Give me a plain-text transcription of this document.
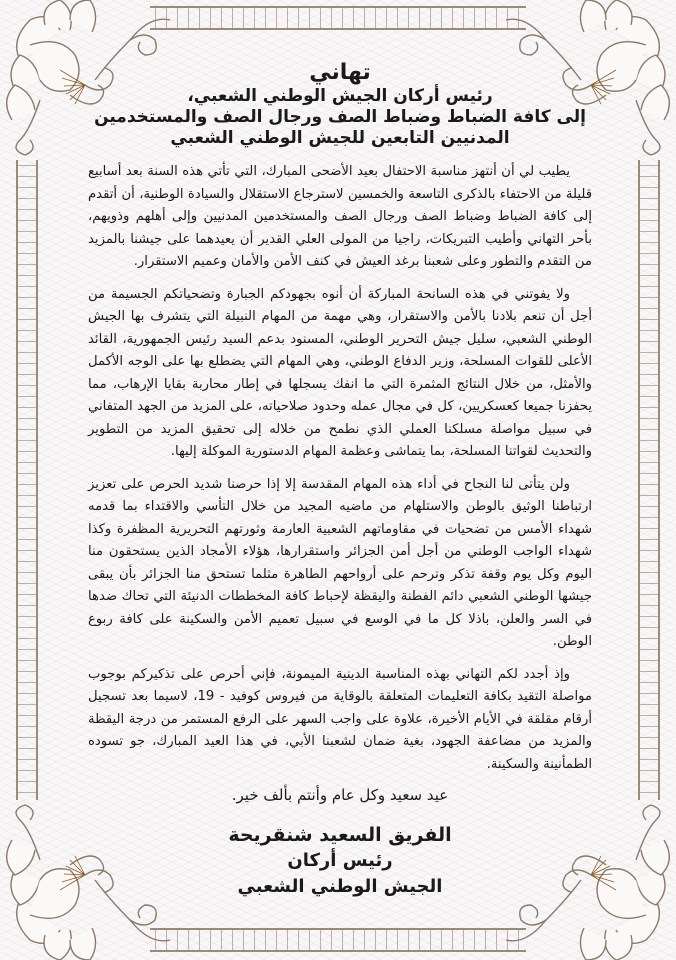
تهاني

رئيس أركان الجيش الوطني الشعبي،

إلى كافة الضباط وضباط الصف ورجال الصف والمستخدمين

المدنيين التابعين للجيش الوطني الشعبي

يطيب لي أن أنتهز مناسبة الاحتفال بعيد الأضحى المبارك، التي تأتي هذه السنة بعد أسابيع قليلة من الاحتفاء بالذكرى التاسعة والخمسين لاسترجاع الاستقلال والسيادة الوطنية، أن أتقدم إلى كافة الضباط وضباط الصف ورجال الصف والمستخدمين المدنيين وإلى أهلهم وذويهم، بأحر التهاني وأطيب التبريكات، راجيا من المولى العلي القدير أن يعيدهما على جيشنا بالمزيد من التقدم والتطور وعلى شعبنا برغد العيش في كنف الأمن والأمان وعميم الاستقرار.

ولا يفوتني في هذه السانحة المباركة أن أنوه بجهودكم الجبارة وتضحياتكم الجسيمة من أجل أن تنعم بلادنا بالأمن والاستقرار، وهي مهمة من المهام النبيلة التي يتشرف بها الجيش الوطني الشعبي، سليل جيش التحرير الوطني، المسنود بدعم السيد رئيس الجمهورية، القائد الأعلى للقوات المسلحة، وزير الدفاع الوطني، وهي المهام التي يضطلع بها على الوجه الأكمل والأمثل، من خلال النتائج المثمرة التي ما انفك يسجلها في إطار محاربة بقايا الإرهاب، مما يحفزنا جميعا كعسكريين، كل في مجال عمله وحدود صلاحياته، على المزيد من الجهد المتفاني في سبيل مواصلة مسلكنا العملي الذي نطمح من خلاله إلى تحقيق المزيد من التطوير والتحديث لقواتنا المسلحة، بما يتماشى وعظمة المهام الدستورية الموكلة إليها.

ولن يتأتى لنا النجاح في أداء هذه المهام المقدسة إلا إذا حرصنا شديد الحرص على تعزيز ارتباطنا الوثيق بالوطن والاستلهام من ماضيه المجيد من خلال التأسي والاقتداء بما قدمه شهداء الأمس من تضحيات في مقاوماتهم الشعبية العارمة وثورتهم التحريرية المظفرة وكذا شهداء الواجب الوطني من أجل أمن الجزائر واستقرارها، هؤلاء الأمجاد الذين يستحقون منا اليوم وكل يوم وقفة تذكر وترحم على أرواحهم الطاهرة مثلما تستحق منا الجزائر بأن يبقى جيشها الوطني الشعبي دائم الفطنة واليقظة لإحباط كافة المخططات الدنيئة التي تحاك ضدها في السر والعلن، باذلا كل ما في الوسع في سبيل تعميم الأمن والسكينة على كافة ربوع الوطن.

وإذ أجدد لكم التهاني بهذه المناسبة الدينية الميمونة، فإني أحرص على تذكيركم بوجوب مواصلة التقيد بكافة التعليمات المتعلقة بالوقاية من فيروس كوفيد - 19، لاسيما بعد تسجيل أرقام مقلقة في الأيام الأخيرة، علاوة على واجب السهر على الرفع المستمر من درجة اليقظة والمزيد من مضاعفة الجهود، بغية ضمان لشعبنا الأبي، في هذا العيد المبارك، جو تسوده الطمأنينة والسكينة.

عيد سعيد وكل عام وأنتم بألف خير.

الفريق السعيد شنقريحة
رئيس أركان
الجيش الوطني الشعبي
